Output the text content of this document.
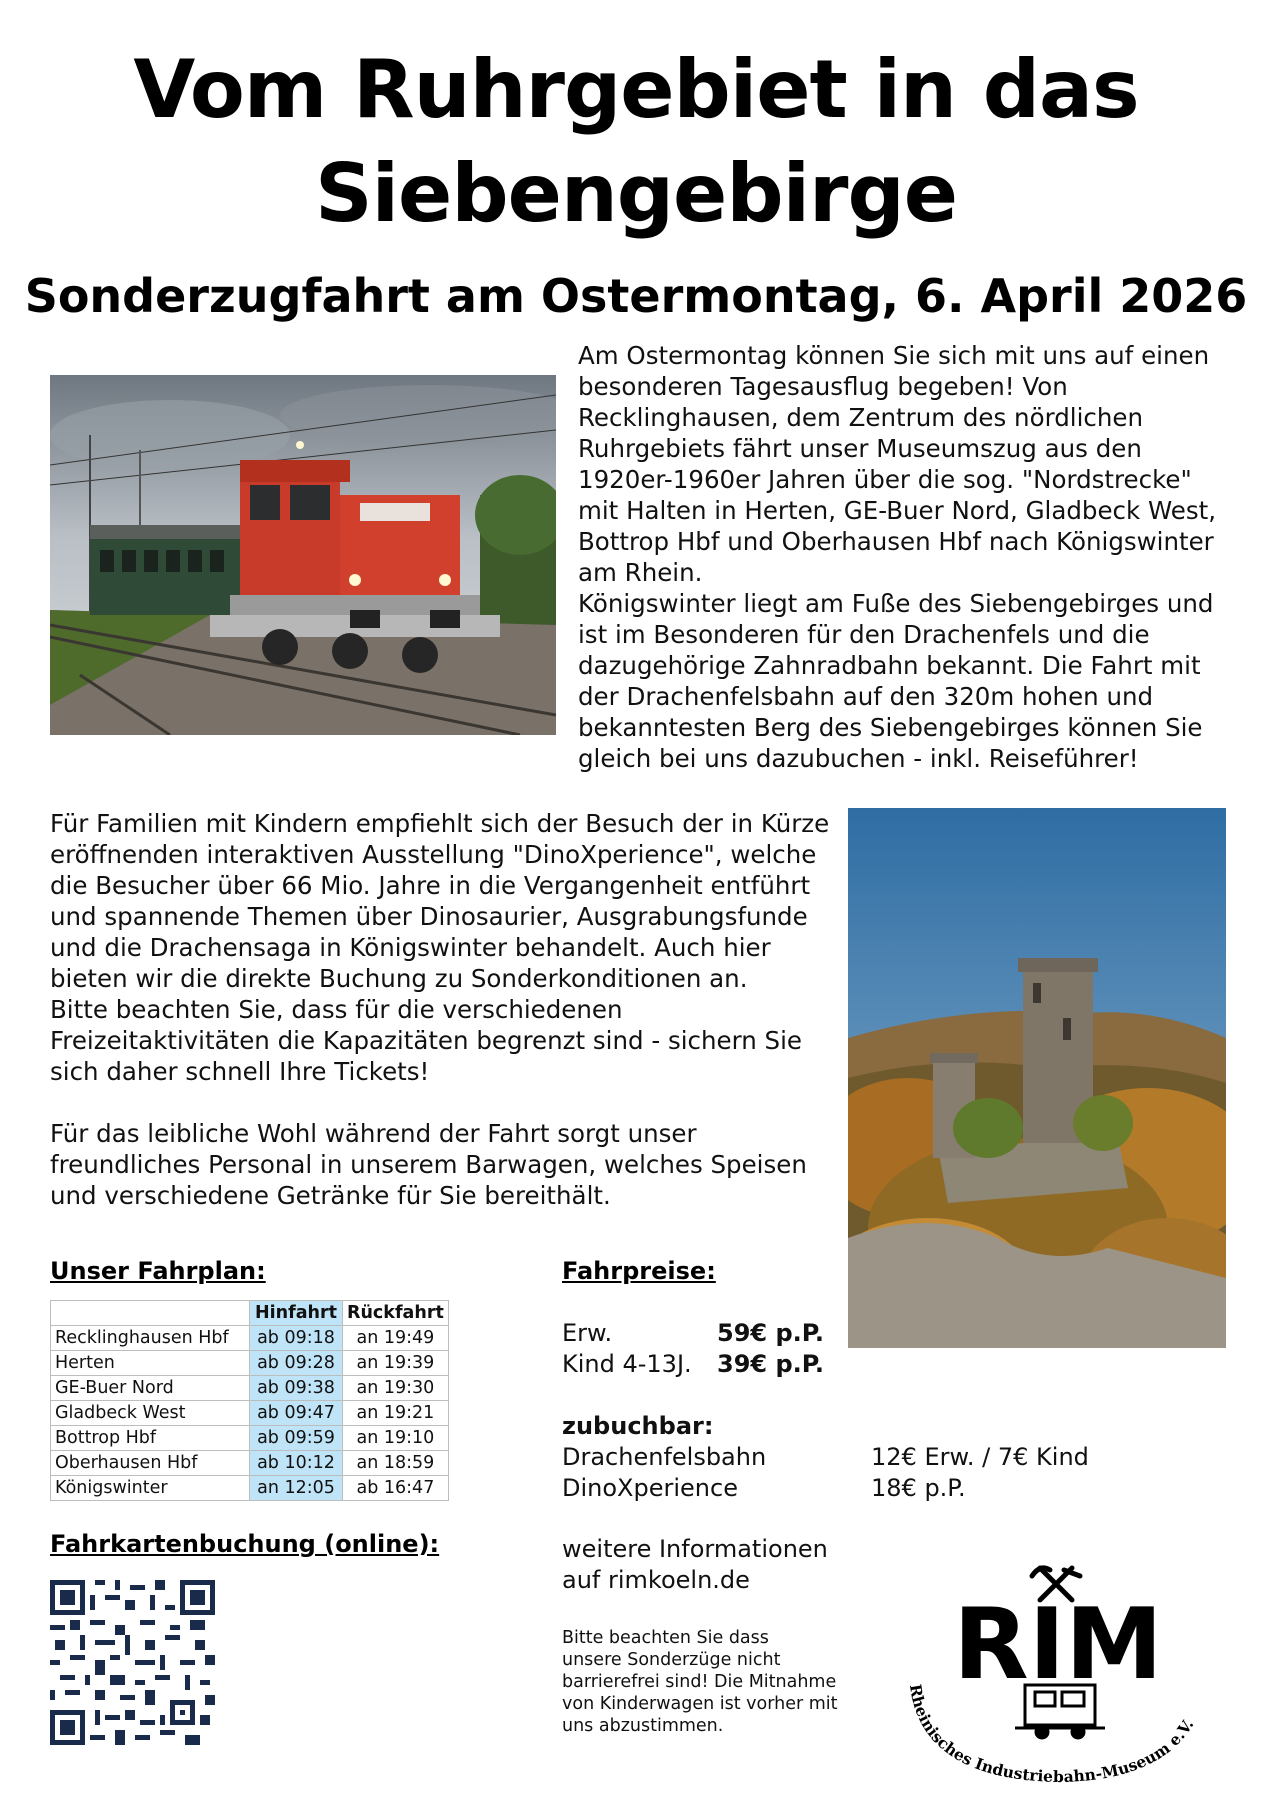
Vom Ruhrgebiet in das
Siebengebirge
Sonderzugfahrt am Ostermontag, 6. April 2026

Am Ostermontag können Sie sich mit uns auf einen besonderen Tagesausflug begeben! Von Recklinghausen, dem Zentrum des nördlichen Ruhrgebiets fährt unser Museumszug aus den 1920er-1960er Jahren über die sog. "Nordstrecke" mit Halten in Herten, GE-Buer Nord, Gladbeck West, Bottrop Hbf und Oberhausen Hbf nach Königswinter am Rhein.

Königswinter liegt am Fuße des Siebengebirges und ist im Besonderen für den Drachenfels und die dazugehörige Zahnradbahn bekannt. Die Fahrt mit der Drachenfelsbahn auf den 320m hohen und bekanntesten Berg des Siebengebirges können Sie gleich bei uns dazubuchen - inkl. Reiseführer!

Für Familien mit Kindern empfiehlt sich der Besuch der in Kürze eröffnenden interaktiven Ausstellung "DinoXperience", welche die Besucher über 66 Mio. Jahre in die Vergangenheit entführt und spannende Themen über Dinosaurier, Ausgrabungsfunde und die Drachensaga in Königswinter behandelt. Auch hier bieten wir die direkte Buchung zu Sonderkonditionen an.

Bitte beachten Sie, dass für die verschiedenen Freizeitaktivitäten die Kapazitäten begrenzt sind - sichern Sie sich daher schnell Ihre Tickets!

Für das leibliche Wohl während der Fahrt sorgt unser freundliches Personal in unserem Barwagen, welches Speisen und verschiedene Getränke für Sie bereithält.

Unser Fahrplan:
	Hinfahrt	Rückfahrt
Recklinghausen Hbf	ab 09:18	an 19:49
Herten	ab 09:28	an 19:39
GE-Buer Nord	ab 09:38	an 19:30
Gladbeck West	ab 09:47	an 19:21
Bottrop Hbf	ab 09:59	an 19:10
Oberhausen Hbf	ab 10:12	an 18:59
Königswinter	an 12:05	ab 16:47
Fahrkartenbuchung (online):
Fahrpreise:
Erw.	59€ p.P.
Kind 4-13J.	39€ p.P.
zubuchbar:
Drachenfelsbahn	12€ Erw. / 7€ Kind
DinoXperience	18€ p.P.
weitere Informationen
auf rimkoeln.de
Bitte beachten Sie dass
unsere Sonderzüge nicht
barrierefrei sind! Die Mitnahme
von Kinderwagen ist vorher mit
uns abzustimmen.
RIM
Rheinisches Industriebahn-Museum e.V.
